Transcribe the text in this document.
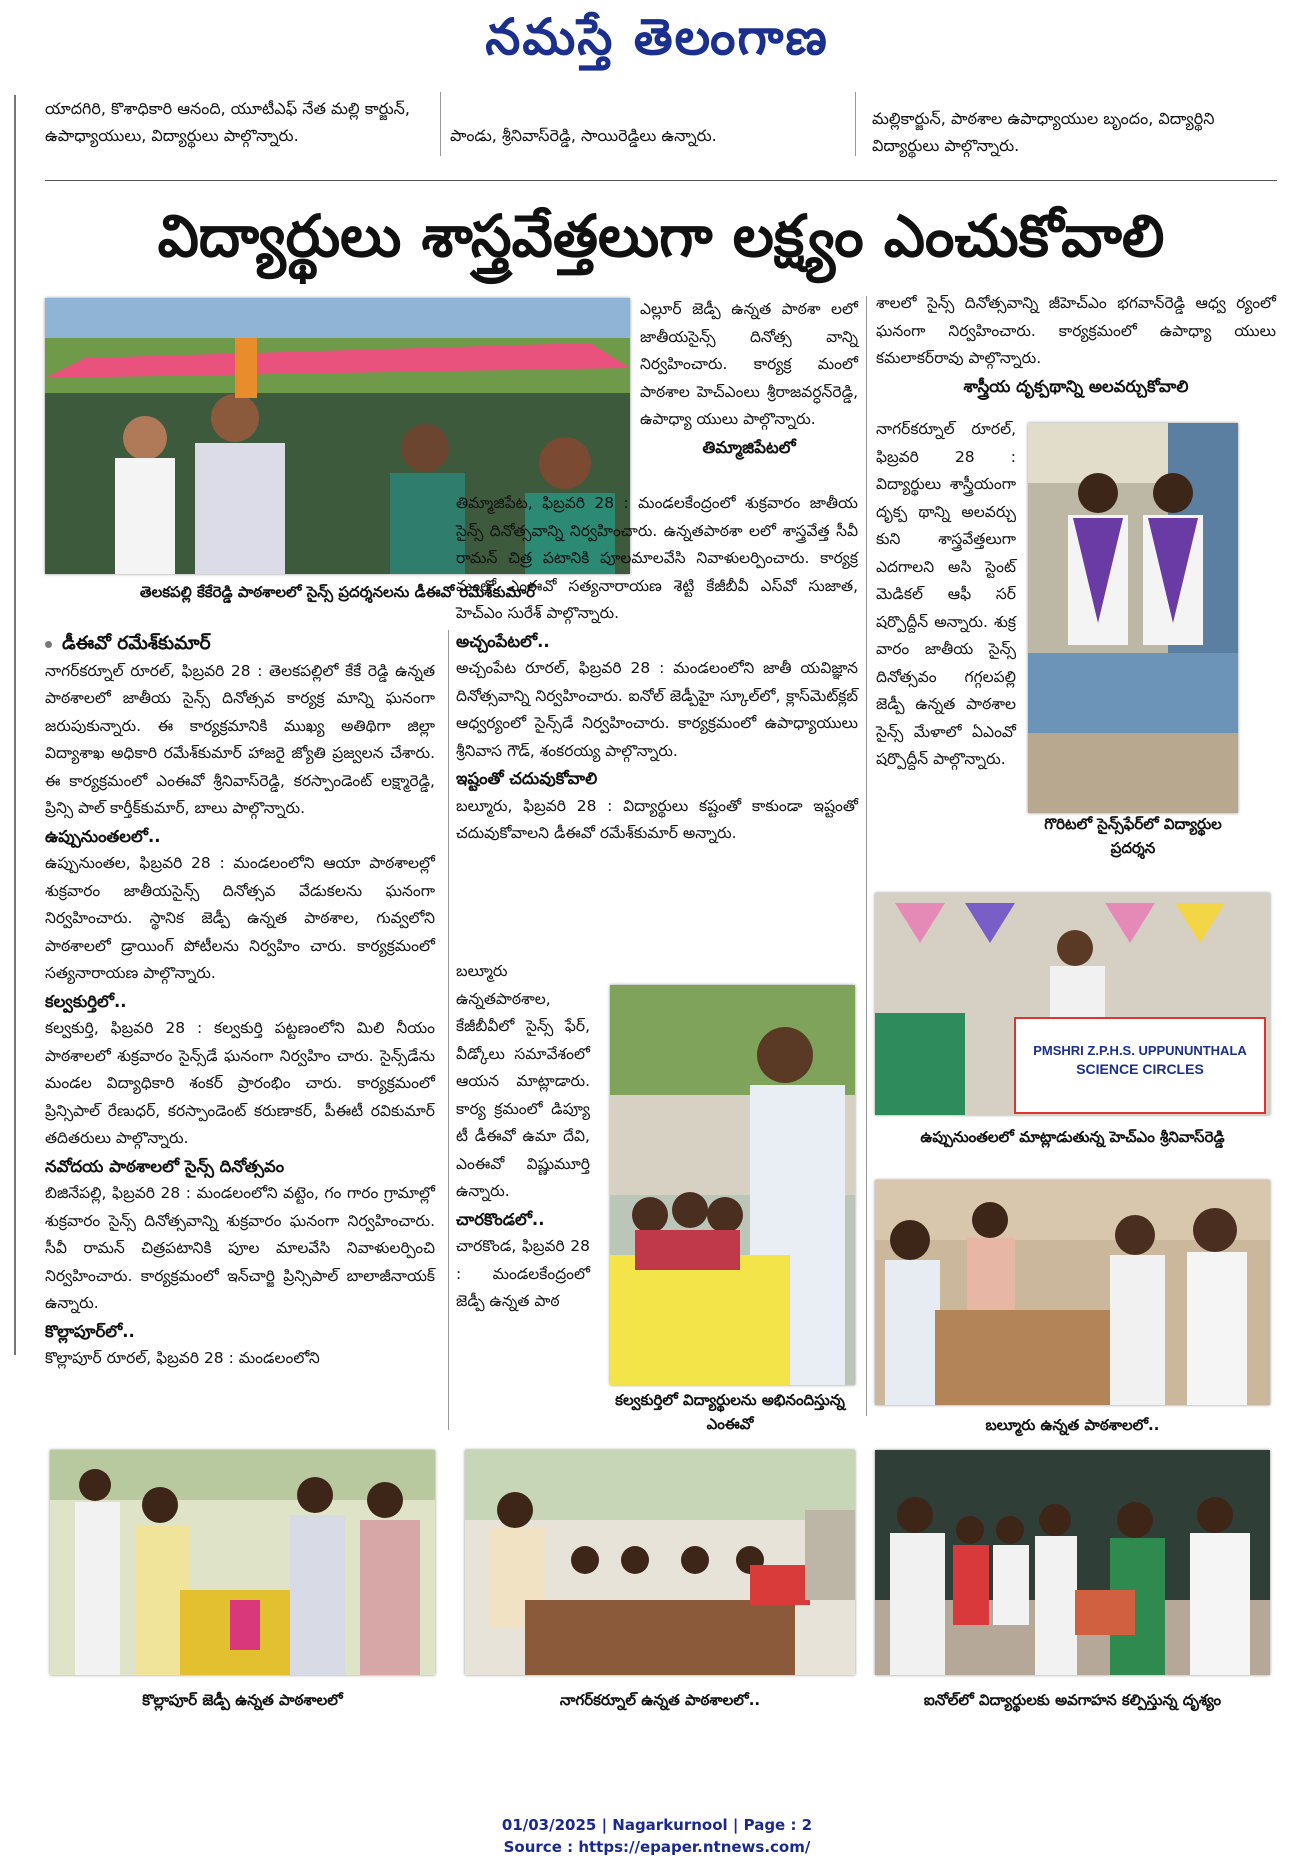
నమస్తే తెలంగాణ
యాదగిరి, కొశాధికారి ఆనంది, యూటీఎఫ్ నేత మల్లి కార్జున్, ఉపాధ్యాయులు, విద్యార్థులు పాల్గొన్నారు.	పాండు, శ్రీనివాస్‌రెడ్డి, సాయిరెడ్డిలు ఉన్నారు.
మల్లికార్జున్, పాఠశాల ఉపాధ్యాయుల బృందం, విద్యార్థిని విద్యార్థులు పాల్గొన్నారు.
విద్యార్థులు శాస్త్రవేత్తలుగా లక్ష్యం ఎంచుకోవాలి
తెలకపల్లి కేకేరెడ్డి పాఠశాలలో సైన్స్ ప్రదర్శనలను డీఈవో రమేశ్‌కుమార్

డీఈవో రమేశ్‌కుమార్

నాగర్‌కర్నూల్ రూరల్, ఫిబ్రవరి 28 : తెలకపల్లిలో కేకే రెడ్డి ఉన్నత పాఠశాలలో జాతీయ సైన్స్ దినోత్సవ కార్యక్ర మాన్ని ఘనంగా జరుపుకున్నారు. ఈ కార్యక్రమానికి ముఖ్య అతిథిగా జిల్లా విద్యాశాఖ అధికారి రమేశ్‌కుమార్ హాజరై జ్యోతి ప్రజ్వలన చేశారు. ఈ కార్యక్రమంలో ఎంఈవో శ్రీనివాస్‌రెడ్డి, కరస్పాండెంట్ లక్ష్మారెడ్డి, ప్రిన్సి పాల్ కార్తీక్‌కుమార్, బాలు పాల్గొన్నారు.

ఉప్పునుంతలలో..

ఉప్పునుంతల, ఫిబ్రవరి 28 : మండలంలోని ఆయా పాఠశాలల్లో శుక్రవారం జాతీయసైన్స్ దినోత్సవ వేడుకలను ఘనంగా నిర్వహించారు. స్థానిక జెడ్పీ ఉన్నత పాఠశాల, గువ్వలోని పాఠశాలలో డ్రాయింగ్ పోటీలను నిర్వహిం చారు. కార్యక్రమంలో సత్యనారాయణ పాల్గొన్నారు.

కల్వకుర్తిలో..

కల్వకుర్తి, ఫిబ్రవరి 28 : కల్వకుర్తి పట్టణంలోని మిలి నీయం పాఠశాలలో శుక్రవారం సైన్స్‌డే ఘనంగా నిర్వహిం చారు. సైన్స్‌డేను మండల విద్యాధికారి శంకర్ ప్రారంభిం చారు. కార్యక్రమంలో ప్రిన్సిపాల్ రేణుధర్, కరస్పాండెంట్ కరుణాకర్, పీఈటీ రవికుమార్ తదితరులు పాల్గొన్నారు.

నవోదయ పాఠశాలలో సైన్స్ దినోత్సవం

బిజినేపల్లి, ఫిబ్రవరి 28 : మండలంలోని వట్టెం, గం గారం గ్రామాల్లో శుక్రవారం సైన్స్ దినోత్సవాన్ని శుక్రవారం ఘనంగా నిర్వహించారు. సీవీ రామన్ చిత్రపటానికి పూల మాలవేసి నివాళులర్పించి నిర్వహించారు. కార్యక్రమంలో ఇన్‌చార్జి ప్రిన్సిపాల్ బాలాజీనాయక్ ఉన్నారు.

కొల్లాపూర్‌లో..

కొల్లాపూర్ రూరల్, ఫిబ్రవరి 28 : మండలంలోని

ఎల్లూర్ జెడ్పీ ఉన్నత పాఠశా లలో జాతీయసైన్స్ దినోత్స వాన్ని నిర్వహించారు. కార్యక్ర మంలో పాఠశాల హెచ్ఎంలు శ్రీరాజవర్ధన్‌రెడ్డి, ఉపాధ్యా యులు పాల్గొన్నారు.

తిమ్మాజిపేటలో

తిమ్మాజిపేట, ఫిబ్రవరి 28 : మండలకేంద్రంలో శుక్రవారం జాతీయ సైన్స్ దినోత్సవాన్ని నిర్వహించారు. ఉన్నతపాఠశా లలో శాస్త్రవేత్త సీవీ రామన్ చిత్ర పటానికి పూలమాలవేసి నివాళులర్పించారు. కార్యక్ర మంలో ఎంఈవో సత్యనారాయణ శెట్టి కేజీబీవీ ఎస్‌వో సుజాత, హెచ్ఎం సురేశ్ పాల్గొన్నారు.

అచ్చంపేటలో..

అచ్చంపేట రూరల్, ఫిబ్రవరి 28 : మండలంలోని జాతీ యవిజ్ఞాన దినోత్సవాన్ని నిర్వహించారు. ఐనోల్ జెడ్పీహై స్కూల్‌లో, క్లాస్‌మెట్‌క్లబ్ ఆధ్వర్యంలో సైన్స్‌డే నిర్వహించారు. కార్యక్రమంలో ఉపాధ్యాయులు శ్రీనివాస గౌడ్, శంకరయ్య పాల్గొన్నారు.

ఇష్టంతో చదువుకోవాలి

బల్మూరు, ఫిబ్రవరి 28 : విద్యార్థులు కష్టంతో కాకుండా ఇష్టంతో చదువుకోవాలని డీఈవో రమేశ్‌కుమార్ అన్నారు.

బల్మూరు ఉన్నతపాఠశాల, కేజీబీవీలో సైన్స్ ఫేర్, వీడ్కోలు సమావేశంలో ఆయన మాట్లాడారు. కార్య క్రమంలో డిప్యూ టీ డీఈవో ఉమా దేవి, ఎంఈవో విష్ణుమూర్తి ఉన్నారు.

చారకొండలో..

చారకొండ, ఫిబ్రవరి 28 : మండలకేంద్రంలో జెడ్పీ ఉన్నత పాఠ

కల్వకుర్తిలో విద్యార్థులను అభినందిస్తున్న ఎంఈవో

శాలలో సైన్స్ దినోత్సవాన్ని జీహెచ్ఎం భగవాన్‌రెడ్డి ఆధ్వ ర్యంలో ఘనంగా నిర్వహించారు. కార్యక్రమంలో ఉపాధ్యా యులు కమలాకర్‌రావు పాల్గొన్నారు.

శాస్త్రీయ దృక్పథాన్ని అలవర్చుకోవాలి

నాగర్‌కర్నూల్ రూరల్, ఫిబ్రవరి 28 : విద్యార్థులు శాస్త్రీయంగా దృక్ప థాన్ని అలవర్చు కుని శాస్త్రవేత్తలుగా ఎదగాలని అసి స్టెంట్ మెడికల్ ఆఫీ సర్ షర్పొద్దీన్ అన్నారు. శుక్ర వారం జాతీయ సైన్స్ దినోత్సవం గగ్గలపల్లి జెడ్పీ ఉన్నత పాఠశాల సైన్స్ మేళాలో ఏఎంవో షర్పొద్దీన్ పాల్గొన్నారు.

గొరిటలో సైన్స్‌ఫేర్‌లో విద్యార్థుల ప్రదర్శన
PMSHRI Z.P.H.S. UPPUNUNTHALA
SCIENCE CIRCLES
ఉప్పునుంతలలో మాట్లాడుతున్న హెచ్ఎం శ్రీనివాస్‌రెడ్డి
బల్మూరు ఉన్నత పాఠశాలలో..
కొల్లాపూర్ జెడ్పీ ఉన్నత పాఠశాలలో	నాగర్‌కర్నూల్ ఉన్నత పాఠశాలలో..	ఐనోల్‌లో విద్యార్థులకు అవగాహన కల్పిస్తున్న దృశ్యం
01/03/2025 | Nagarkurnool | Page : 2
Source : https://epaper.ntnews.com/
